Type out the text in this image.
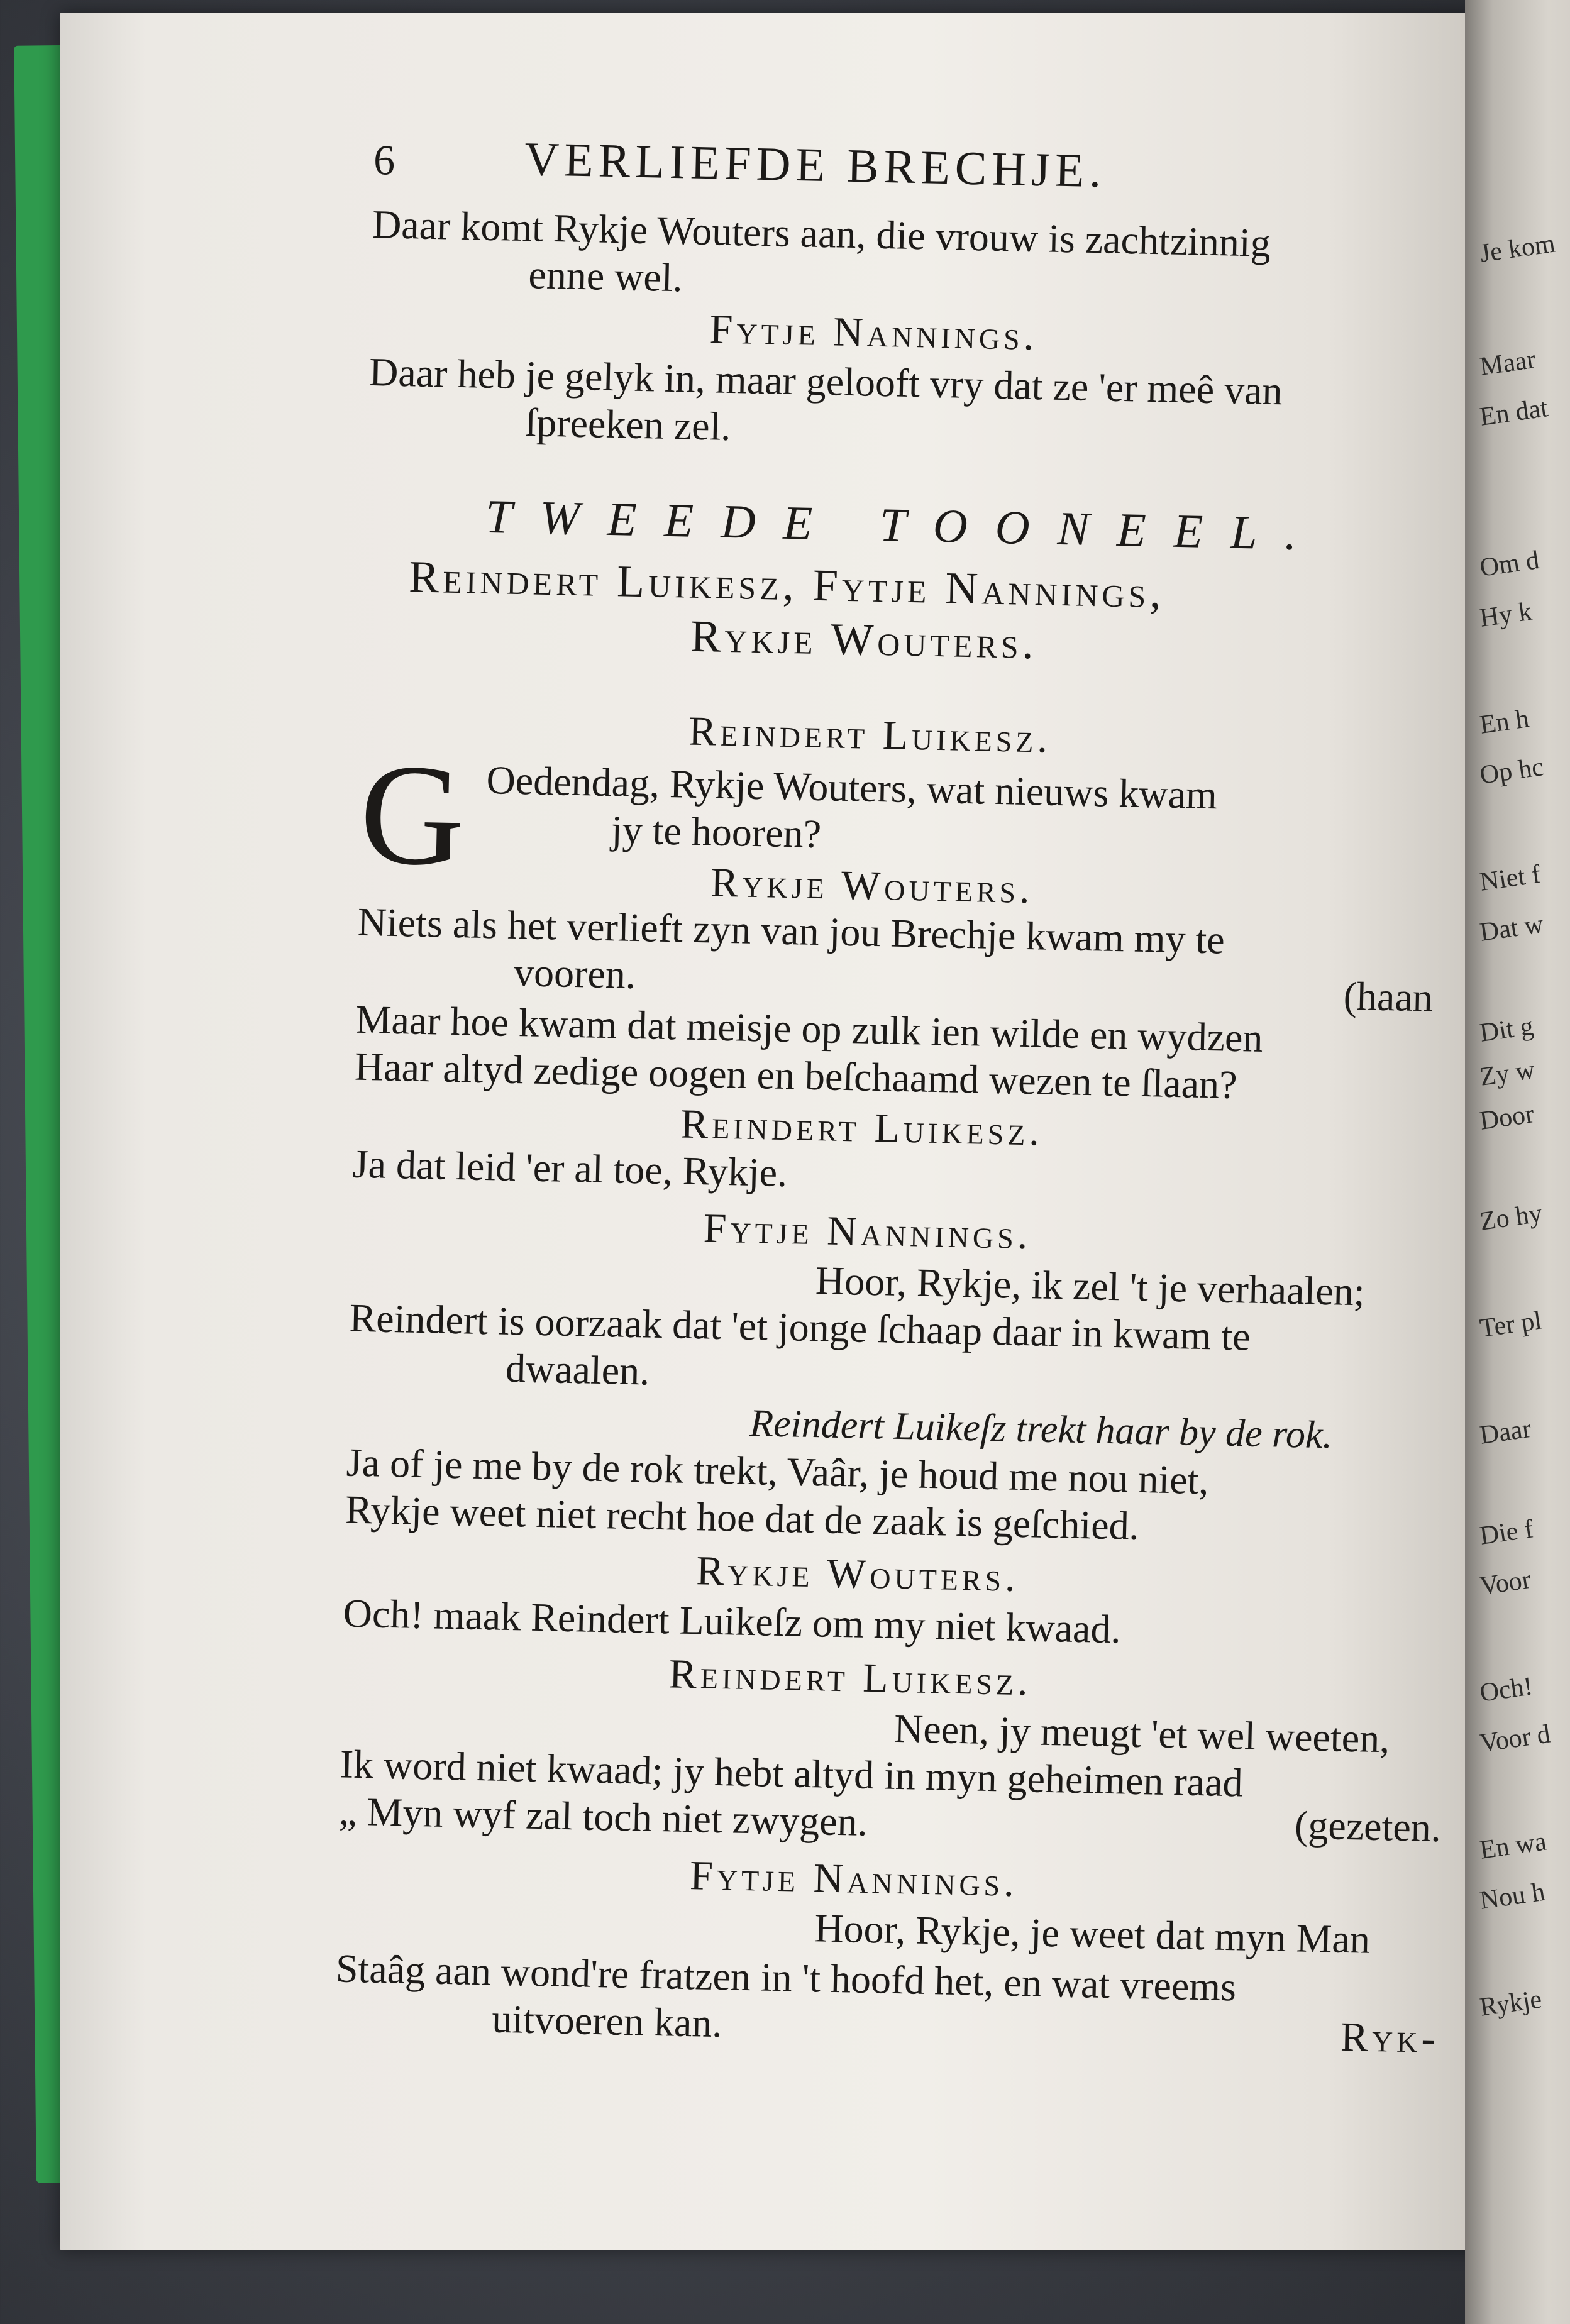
6	VERLIEFDE BRECHJE.
Daar komt Rykje Wouters aan, die vrouw is zachtzinnig
enne wel.
Fytje Nannings.
Daar heb je gelyk in, maar gelooft vry dat ze 'er meê van
ſpreeken zel.
TWEEDE TOONEEL.
Reindert Luikesz, Fytje Nannings,
Rykje Wouters.
Reindert Luikesz.
G Oedendag, Rykje Wouters, wat nieuws kwam
jy te hooren?
Rykje Wouters.
Niets als het verlieft zyn van jou Brechje kwam my te
vooren.	(haan
Maar hoe kwam dat meisje op zulk ien wilde en wydzen
Haar altyd zedige oogen en beſchaamd wezen te ſlaan?
Reindert Luikesz.
Ja dat leid 'er al toe, Rykje.
Fytje Nannings.
Hoor, Rykje, ik zel 't je verhaalen;
Reindert is oorzaak dat 'et jonge ſchaap daar in kwam te
dwaalen.
Reindert Luikeſz trekt haar by de rok.
Ja of je me by de rok trekt, Vaâr, je houd me nou niet,
Rykje weet niet recht hoe dat de zaak is geſchied.
Rykje Wouters.
Och! maak Reindert Luikeſz om my niet kwaad.
Reindert Luikesz.
Neen, jy meugt 'et wel weeten,
Ik word niet kwaad; jy hebt altyd in myn geheimen raad
„ Myn wyf zal toch niet zwygen.	(gezeten.
Fytje Nannings.
Hoor, Rykje, je weet dat myn Man
Staâg aan wond're fratzen in 't hoofd het, en wat vreems
uitvoeren kan.	Ryk-
Je kom
Maar
En dat
Om d
Hy k
En h
Op hc
Niet f
Dat w
Dit g
Zy w
Door
Zo hy
Ter pl
Daar
Die f
Voor
Och!
Voor d
En wa
Nou h
Rykje
